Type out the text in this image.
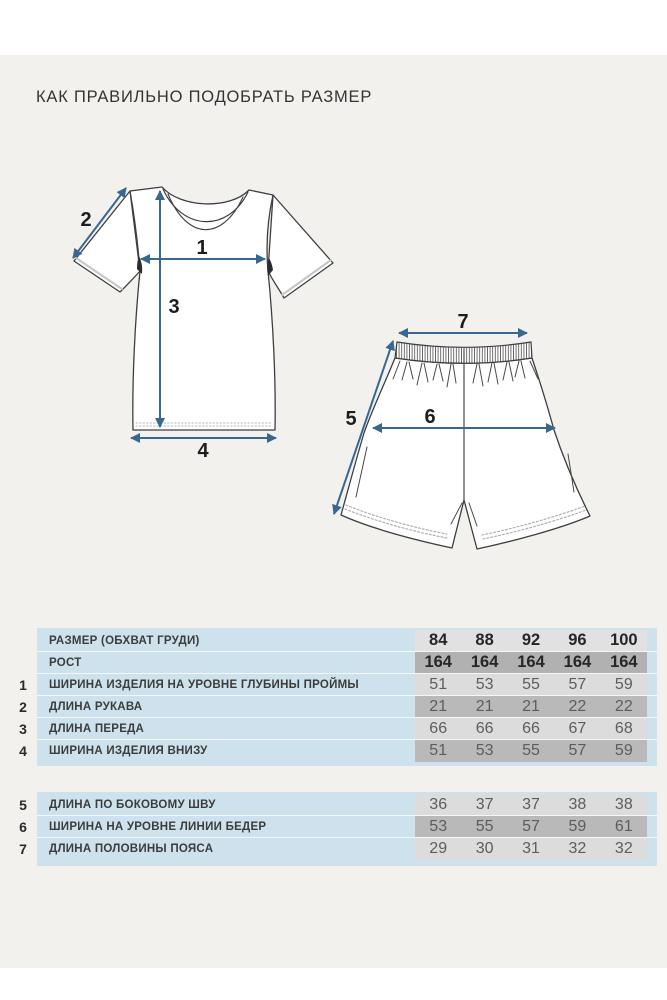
КАК ПРАВИЛЬНО ПОДОБРАТЬ РАЗМЕР
1
2
3
4
5	6
7
РАЗМЕР (ОБХВАТ ГРУДИ)	84	88	92	96	100
РОСТ	164	164	164	164	164
1	ШИРИНА ИЗДЕЛИЯ НА УРОВНЕ ГЛУБИНЫ ПРОЙМЫ	51	53	55	57	59
2	ДЛИНА РУКАВА	21	21	21	22	22
3	ДЛИНА ПЕРЕДА	66	66	66	67	68
4	ШИРИНА ИЗДЕЛИЯ ВНИЗУ	51	53	55	57	59
5	ДЛИНА ПО БОКОВОМУ ШВУ	36	37	37	38	38
6	ШИРИНА НА УРОВНЕ ЛИНИИ БЕДЕР	53	55	57	59	61
7	ДЛИНА ПОЛОВИНЫ ПОЯСА	29	30	31	32	32
